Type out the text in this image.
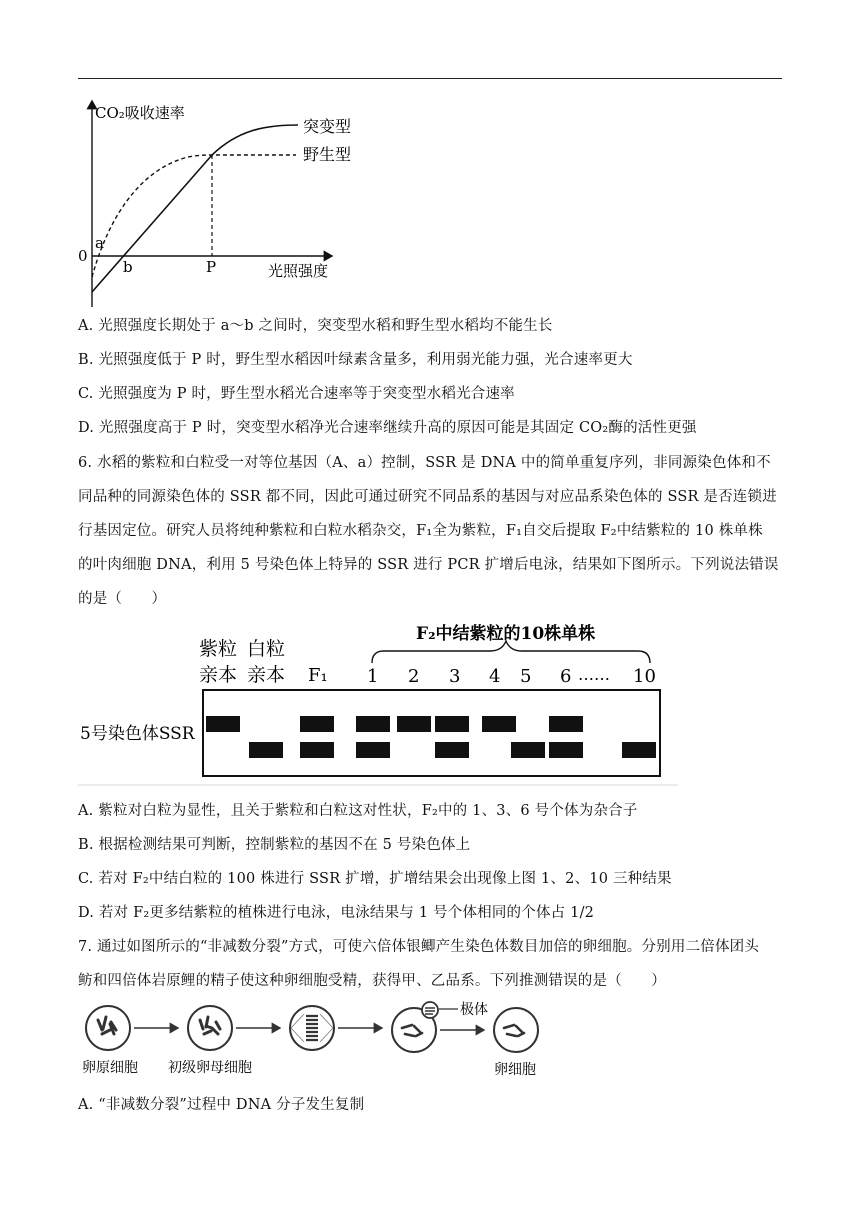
CO₂吸收速率
光照强度
0
a
b	P
突变型
野生型
A. 光照强度长期处于 a～b 之间时，突变型水稻和野生型水稻均不能生长
B. 光照强度低于 P 时，野生型水稻因叶绿素含量多，利用弱光能力强，光合速率更大
C. 光照强度为 P 时，野生型水稻光合速率等于突变型水稻光合速率
D. 光照强度高于 P 时，突变型水稻净光合速率继续升高的原因可能是其固定 CO₂酶的活性更强
6. 水稻的紫粒和白粒受一对等位基因（A、a）控制，SSR 是 DNA 中的简单重复序列，非同源染色体和不
同品种的同源染色体的 SSR 都不同，因此可通过研究不同品系的基因与对应品系染色体的 SSR 是否连锁进
行基因定位。研究人员将纯种紫粒和白粒水稻杂交，F₁全为紫粒，F₁自交后提取 F₂中结紫粒的 10 株单株
的叶肉细胞 DNA，利用 5 号染色体上特异的 SSR 进行 PCR 扩增后电泳，结果如下图所示。下列说法错误
的是（　　）
F₂中结紫粒的10株单株
紫粒
亲本
白粒
亲本 F₁ 1 2 3 4 5 6 …… 10
5号染色体SSR
A. 紫粒对白粒为显性，且关于紫粒和白粒这对性状，F₂中的 1、3、6 号个体为杂合子
B. 根据检测结果可判断，控制紫粒的基因不在 5 号染色体上
C. 若对 F₂中结白粒的 100 株进行 SSR 扩增，扩增结果会出现像上图 1、2、10 三种结果
D. 若对 F₂更多结紫粒的植株进行电泳，电泳结果与 1 号个体相同的个体占 1/2
7. 通过如图所示的“非减数分裂”方式，可使六倍体银鲫产生染色体数目加倍的卵细胞。分别用二倍体团头
鲂和四倍体岩原鲤的精子使这种卵细胞受精，获得甲、乙品系。下列推测错误的是（　　）
极体
卵原细胞 初级卵母细胞	卵细胞
A. “非减数分裂”过程中 DNA 分子发生复制
